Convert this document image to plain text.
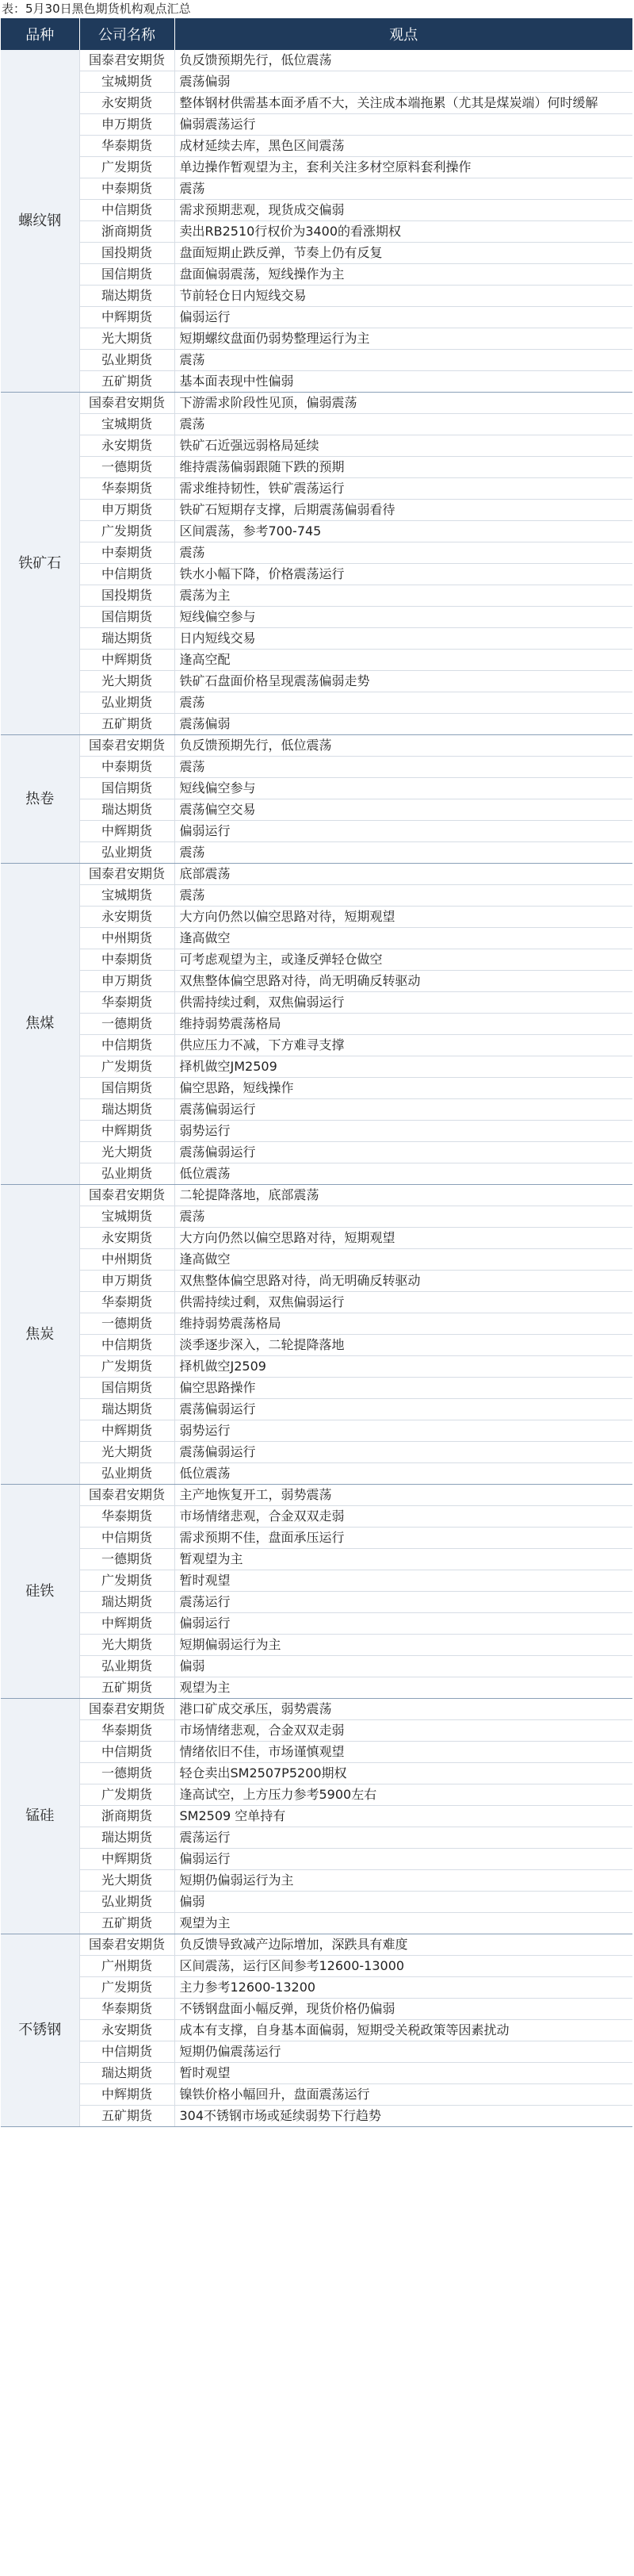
表：5月30日黑色期货机构观点汇总
品种	公司名称	观点
螺纹钢	国泰君安期货	负反馈预期先行，低位震荡
	宝城期货	震荡偏弱
	永安期货	整体钢材供需基本面矛盾不大，关注成本端拖累（尤其是煤炭端）何时缓解
	申万期货	偏弱震荡运行
	华泰期货	成材延续去库，黑色区间震荡
	广发期货	单边操作暂观望为主，套利关注多材空原料套利操作
	中泰期货	震荡
	中信期货	需求预期悲观，现货成交偏弱
	浙商期货	卖出RB2510行权价为3400的看涨期权
	国投期货	盘面短期止跌反弹，节奏上仍有反复
	国信期货	盘面偏弱震荡，短线操作为主
	瑞达期货	节前轻仓日内短线交易
	中辉期货	偏弱运行
	光大期货	短期螺纹盘面仍弱势整理运行为主
	弘业期货	震荡
	五矿期货	基本面表现中性偏弱
铁矿石	国泰君安期货	下游需求阶段性见顶，偏弱震荡
	宝城期货	震荡
	永安期货	铁矿石近强远弱格局延续
	一德期货	维持震荡偏弱跟随下跌的预期
	华泰期货	需求维持韧性，铁矿震荡运行
	申万期货	铁矿石短期存支撑，后期震荡偏弱看待
	广发期货	区间震荡，参考700-745
	中泰期货	震荡
	中信期货	铁水小幅下降，价格震荡运行
	国投期货	震荡为主
	国信期货	短线偏空参与
	瑞达期货	日内短线交易
	中辉期货	逢高空配
	光大期货	铁矿石盘面价格呈现震荡偏弱走势
	弘业期货	震荡
	五矿期货	震荡偏弱
热卷	国泰君安期货	负反馈预期先行，低位震荡
	中泰期货	震荡
	国信期货	短线偏空参与
	瑞达期货	震荡偏空交易
	中辉期货	偏弱运行
	弘业期货	震荡
焦煤	国泰君安期货	底部震荡
	宝城期货	震荡
	永安期货	大方向仍然以偏空思路对待，短期观望
	中州期货	逢高做空
	中泰期货	可考虑观望为主，或逢反弹轻仓做空
	申万期货	双焦整体偏空思路对待，尚无明确反转驱动
	华泰期货	供需持续过剩，双焦偏弱运行
	一德期货	维持弱势震荡格局
	中信期货	供应压力不减，下方难寻支撑
	广发期货	择机做空JM2509
	国信期货	偏空思路，短线操作
	瑞达期货	震荡偏弱运行
	中辉期货	弱势运行
	光大期货	震荡偏弱运行
	弘业期货	低位震荡
焦炭	国泰君安期货	二轮提降落地，底部震荡
	宝城期货	震荡
	永安期货	大方向仍然以偏空思路对待，短期观望
	中州期货	逢高做空
	申万期货	双焦整体偏空思路对待，尚无明确反转驱动
	华泰期货	供需持续过剩，双焦偏弱运行
	一德期货	维持弱势震荡格局
	中信期货	淡季逐步深入，二轮提降落地
	广发期货	择机做空J2509
	国信期货	偏空思路操作
	瑞达期货	震荡偏弱运行
	中辉期货	弱势运行
	光大期货	震荡偏弱运行
	弘业期货	低位震荡
硅铁	国泰君安期货	主产地恢复开工，弱势震荡
	华泰期货	市场情绪悲观，合金双双走弱
	中信期货	需求预期不佳，盘面承压运行
	一德期货	暂观望为主
	广发期货	暂时观望
	瑞达期货	震荡运行
	中辉期货	偏弱运行
	光大期货	短期偏弱运行为主
	弘业期货	偏弱
	五矿期货	观望为主
锰硅	国泰君安期货	港口矿成交承压，弱势震荡
	华泰期货	市场情绪悲观，合金双双走弱
	中信期货	情绪依旧不佳，市场谨慎观望
	一德期货	轻仓卖出SM2507P5200期权
	广发期货	逢高试空，上方压力参考5900左右
	浙商期货	SM2509 空单持有
	瑞达期货	震荡运行
	中辉期货	偏弱运行
	光大期货	短期仍偏弱运行为主
	弘业期货	偏弱
	五矿期货	观望为主
不锈钢	国泰君安期货	负反馈导致减产边际增加，深跌具有难度
	广州期货	区间震荡，运行区间参考12600-13000
	广发期货	主力参考12600-13200
	华泰期货	不锈钢盘面小幅反弹，现货价格仍偏弱
	永安期货	成本有支撑，自身基本面偏弱，短期受关税政策等因素扰动
	中信期货	短期仍偏震荡运行
	瑞达期货	暂时观望
	中辉期货	镍铁价格小幅回升，盘面震荡运行
	五矿期货	304不锈钢市场或延续弱势下行趋势
